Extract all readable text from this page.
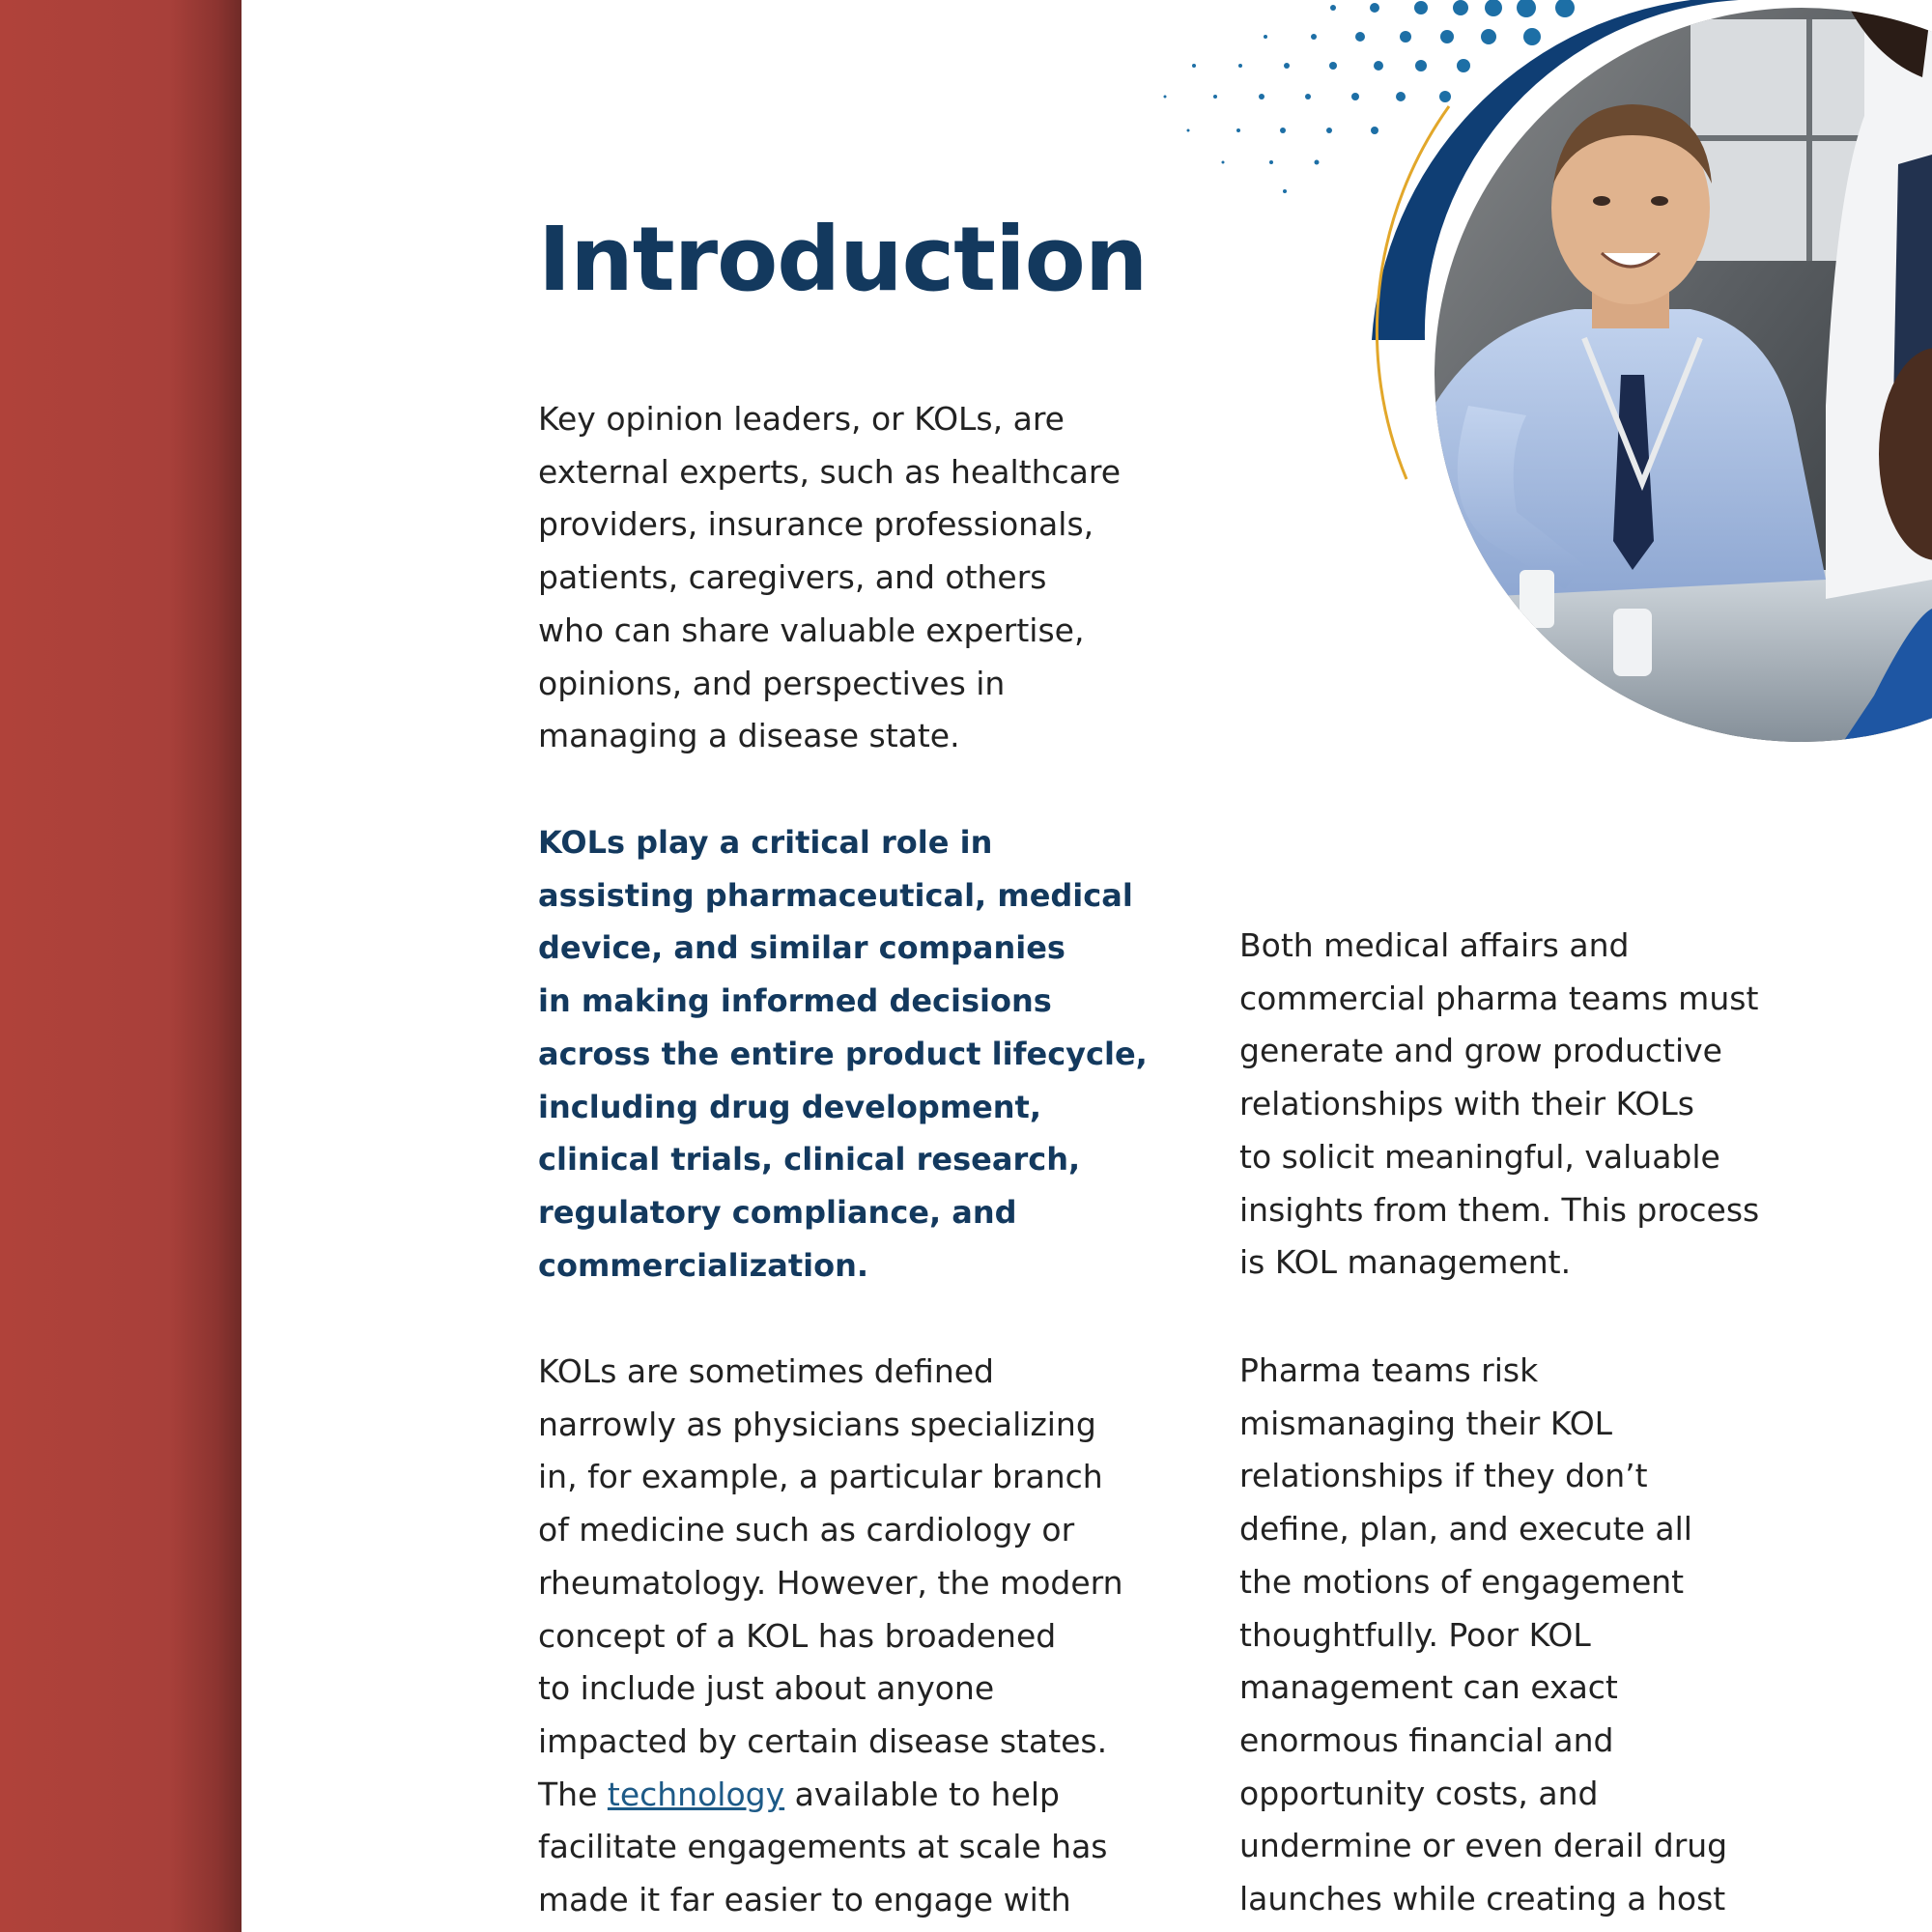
Introduction
Key opinion leaders, or KOLs, are
external experts, such as healthcare
providers, insurance professionals,
patients, caregivers, and others
who can share valuable expertise,
opinions, and perspectives in
managing a disease state.
KOLs play a critical role in
assisting pharmaceutical, medical
device, and similar companies
in making informed decisions
across the entire product lifecycle,
including drug development,
clinical trials, clinical research,
regulatory compliance, and
commercialization.
KOLs are sometimes defined
narrowly as physicians specializing
in, for example, a particular branch
of medicine such as cardiology or
rheumatology. However, the modern
concept of a KOL has broadened
to include just about anyone
impacted by certain disease states.
The technology available to help
facilitate engagements at scale has
made it far easier to engage with
Both medical affairs and
commercial pharma teams must
generate and grow productive
relationships with their KOLs
to solicit meaningful, valuable
insights from them. This process
is KOL management.
Pharma teams risk
mismanaging their KOL
relationships if they don’t
define, plan, and execute all
the motions of engagement
thoughtfully. Poor KOL
management can exact
enormous financial and
opportunity costs, and
undermine or even derail drug
launches while creating a host
